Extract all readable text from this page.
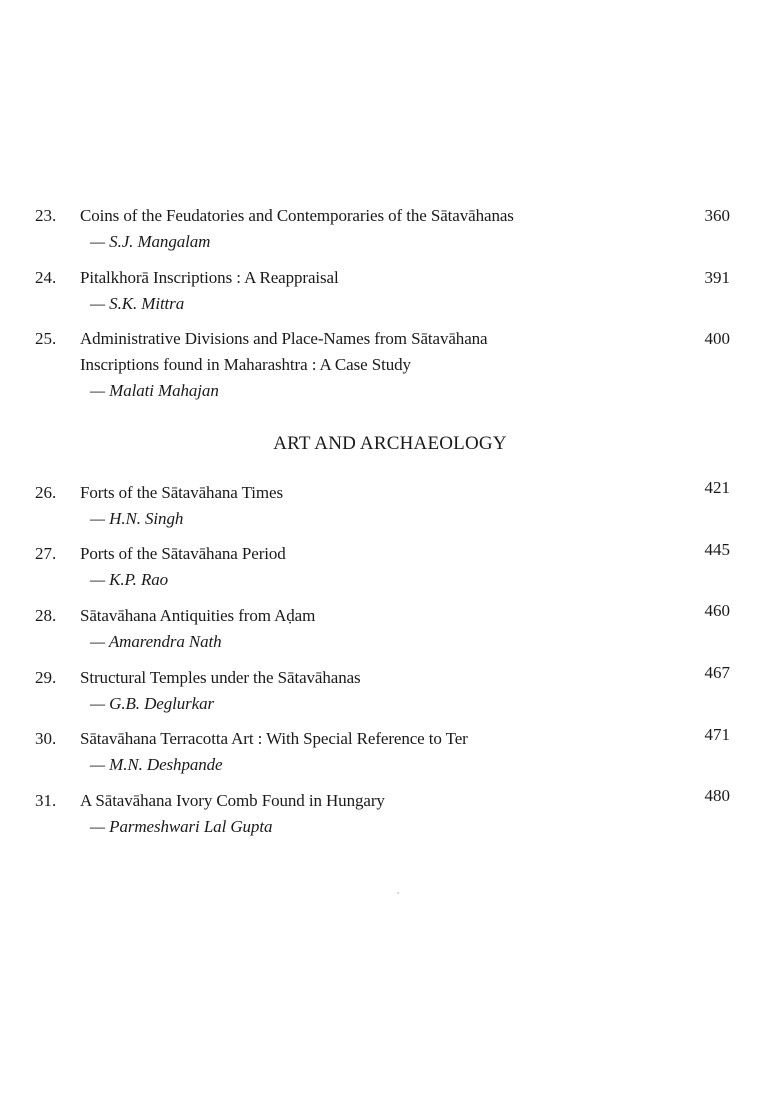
23. Coins of the Feudatories and Contemporaries of the Sātavāhanas
— S.J. Mangalam
360
24. Pitalkhorā Inscriptions : A Reappraisal
— S.K. Mittra
391
25. Administrative Divisions and Place-Names from Sātavāhana
Inscriptions found in Maharashtra : A Case Study
— Malati Mahajan
400
ART AND ARCHAEOLOGY
26. Forts of the Sātavāhana Times
— H.N. Singh
421
27. Ports of the Sātavāhana Period
— K.P. Rao
445
28. Sātavāhana Antiquities from Aḍam
— Amarendra Nath
460
29. Structural Temples under the Sātavāhanas
— G.B. Deglurkar
467
30. Sātavāhana Terracotta Art : With Special Reference to Ter
— M.N. Deshpande
471
31. A Sātavāhana Ivory Comb Found in Hungary
— Parmeshwari Lal Gupta
480
